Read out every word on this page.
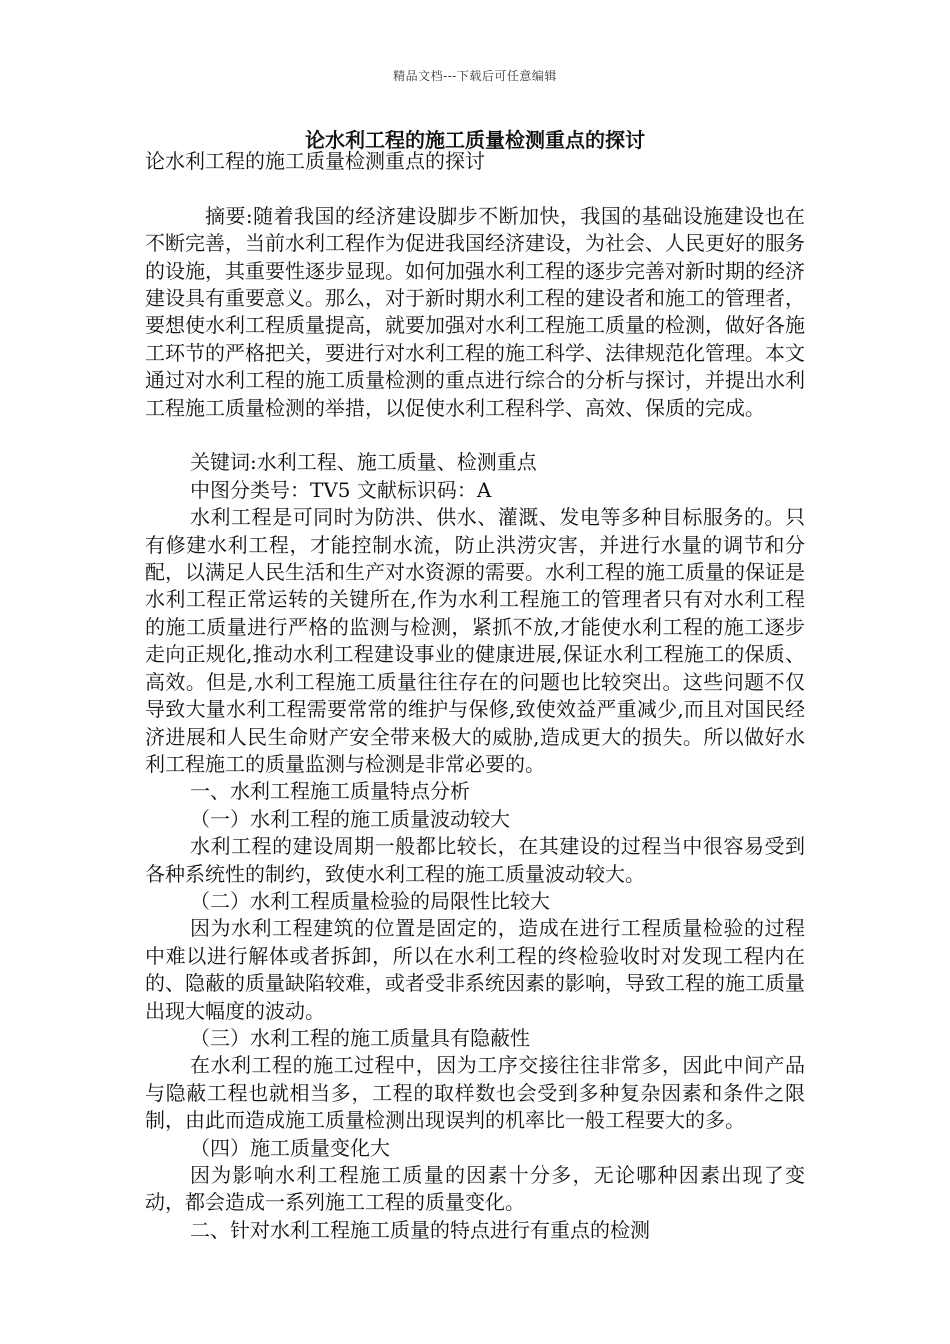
精品文档---下载后可任意编辑
论水利工程的施工质量检测重点的探讨

论水利工程的施工质量检测重点的探讨

摘要:随着我国的经济建设脚步不断加快，我国的基础设施建设也在不断完善，当前水利工程作为促进我国经济建设，为社会、人民更好的服务的设施，其重要性逐步显现。如何加强水利工程的逐步完善对新时期的经济建设具有重要意义。那么，对于新时期水利工程的建设者和施工的管理者，要想使水利工程质量提高，就要加强对水利工程施工质量的检测，做好各施工环节的严格把关，要进行对水利工程的施工科学、法律规范化管理。本文通过对水利工程的施工质量检测的重点进行综合的分析与探讨，并提出水利工程施工质量检测的举措，以促使水利工程科学、高效、保质的完成。

关键词:水利工程、施工质量、检测重点

中图分类号：TV5 文献标识码：A

水利工程是可同时为防洪、供水、灌溉、发电等多种目标服务的。只有修建水利工程，才能控制水流，防止洪涝灾害，并进行水量的调节和分配，以满足人民生活和生产对水资源的需要。水利工程的施工质量的保证是水利工程正常运转的关键所在,作为水利工程施工的管理者只有对水利工程的施工质量进行严格的监测与检测，紧抓不放,才能使水利工程的施工逐步走向正规化,推动水利工程建设事业的健康进展,保证水利工程施工的保质、高效。但是,水利工程施工质量往往存在的问题也比较突出。这些问题不仅导致大量水利工程需要常常的维护与保修,致使效益严重减少,而且对国民经济进展和人民生命财产安全带来极大的威胁,造成更大的损失。所以做好水利工程施工的质量监测与检测是非常必要的。

一、水利工程施工质量特点分析

（一）水利工程的施工质量波动较大

水利工程的建设周期一般都比较长，在其建设的过程当中很容易受到各种系统性的制约，致使水利工程的施工质量波动较大。

（二）水利工程质量检验的局限性比较大

因为水利工程建筑的位置是固定的，造成在进行工程质量检验的过程中难以进行解体或者拆卸，所以在水利工程的终检验收时对发现工程内在的、隐蔽的质量缺陷较难，或者受非系统因素的影响，导致工程的施工质量出现大幅度的波动。

（三）水利工程的施工质量具有隐蔽性

在水利工程的施工过程中，因为工序交接往往非常多，因此中间产品与隐蔽工程也就相当多，工程的取样数也会受到多种复杂因素和条件之限制，由此而造成施工质量检测出现误判的机率比一般工程要大的多。

（四）施工质量变化大

因为影响水利工程施工质量的因素十分多，无论哪种因素出现了变动，都会造成一系列施工工程的质量变化。

二、针对水利工程施工质量的特点进行有重点的检测
